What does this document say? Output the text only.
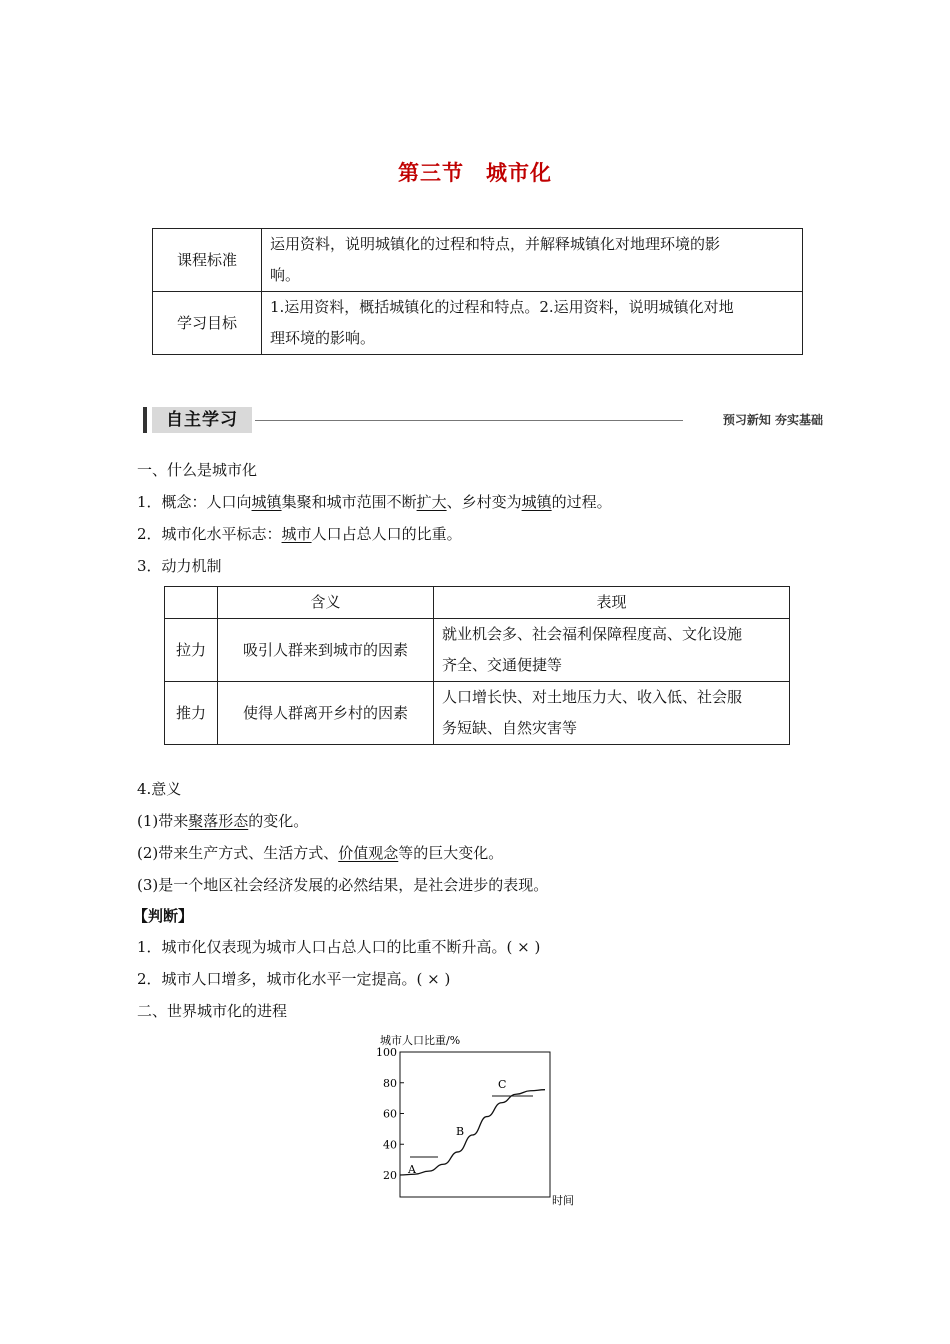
第三节 城市化
课程标准	运用资料，说明城镇化的过程和特点，并解释城镇化对地理环境的影
响。
学习目标	1.运用资料，概括城镇化的过程和特点。2.运用资料，说明城镇化对地
理环境的影响。
自主学习	预习新知 夯实基础
一、什么是城市化
1．概念：人口向城镇集聚和城市范围不断扩大、乡村变为城镇的过程。
2．城市化水平标志：城市人口占总人口的比重。
3．动力机制
	含义	表现
拉力	吸引人群来到城市的因素	就业机会多、社会福利保障程度高、文化设施
齐全、交通便捷等
推力	使得人群离开乡村的因素	人口增长快、对土地压力大、收入低、社会服
务短缺、自然灾害等
4.意义
(1)带来聚落形态的变化。
(2)带来生产方式、生活方式、价值观念等的巨大变化。
(3)是一个地区社会经济发展的必然结果，是社会进步的表现。
【判断】
1．城市化仅表现为城市人口占总人口的比重不断升高。( × )
2．城市人口增多，城市化水平一定提高。( × )
二、世界城市化的进程
城市人口比重/%
20
40
60
80
100
A
B
C
时间
